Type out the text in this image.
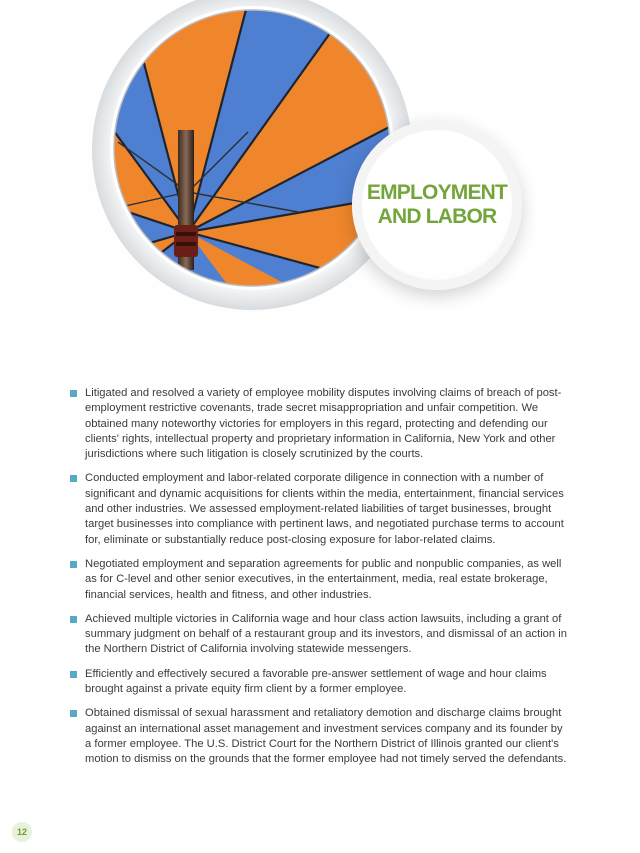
EMPLOYMENT
AND LABOR
Litigated and resolved a variety of employee mobility disputes involving claims of breach of post-employment restrictive covenants, trade secret misappropriation and unfair competition. We obtained many noteworthy victories for employers in this regard, protecting and defending our clients' rights, intellectual property and proprietary information in California, New York and other jurisdictions where such litigation is closely scrutinized by the courts.
Conducted employment and labor-related corporate diligence in connection with a number of significant and dynamic acquisitions for clients within the media, entertainment, financial services and other industries. We assessed employment-related liabilities of target businesses, brought target businesses into compliance with pertinent laws, and negotiated purchase terms to account for, eliminate or substantially reduce post-closing exposure for labor-related claims.
Negotiated employment and separation agreements for public and nonpublic companies, as well as for C-level and other senior executives, in the entertainment, media, real estate brokerage, financial services, health and fitness, and other industries.
Achieved multiple victories in California wage and hour class action lawsuits, including a grant of summary judgment on behalf of a restaurant group and its investors, and dismissal of an action in the Northern District of California involving statewide messengers.
Efficiently and effectively secured a favorable pre-answer settlement of wage and hour claims brought against a private equity firm client by a former employee.
Obtained dismissal of sexual harassment and retaliatory demotion and discharge claims brought against an international asset management and investment services company and its founder by a former employee. The U.S. District Court for the Northern District of Illinois granted our client's motion to dismiss on the grounds that the former employee had not timely served the defendants.
12
